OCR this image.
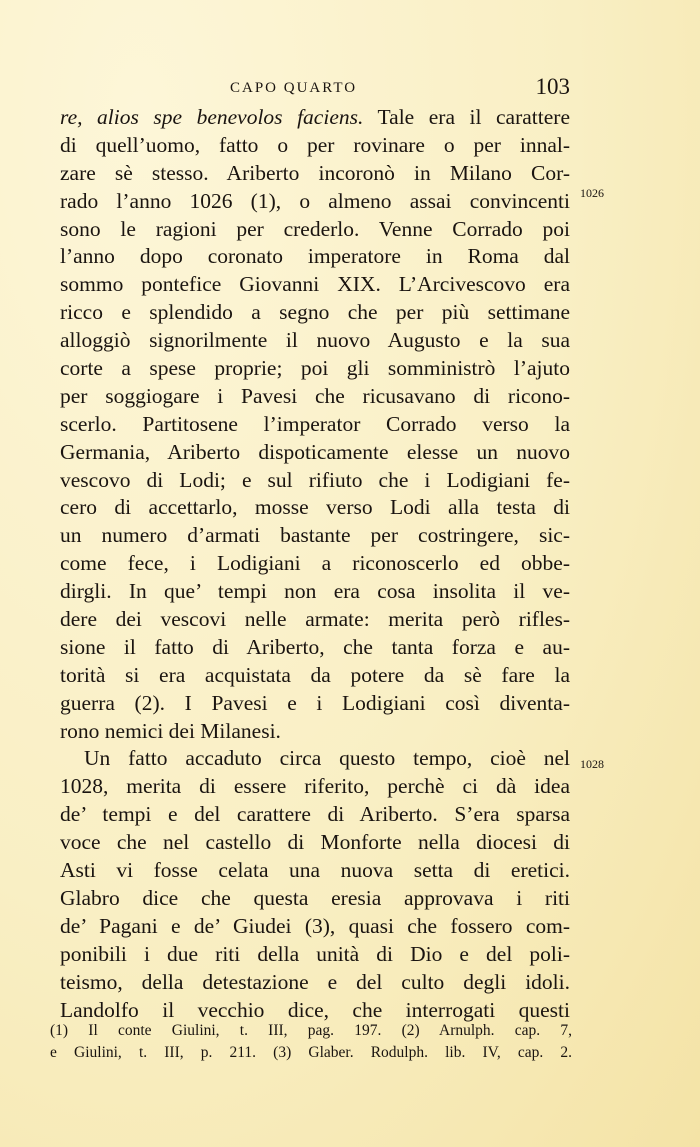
CAPO QUARTO	103
re, alios spe benevolos faciens. Tale era il carattere
di quell’uomo, fatto o per rovinare o per innal-
zare sè stesso. Ariberto incoronò in Milano Cor-
rado l’anno 1026 (1), o almeno assai convincenti
sono le ragioni per crederlo. Venne Corrado poi
l’anno dopo coronato imperatore in Roma dal
sommo pontefice Giovanni XIX. L’Arcivescovo era
ricco e splendido a segno che per più settimane
alloggiò signorilmente il nuovo Augusto e la sua
corte a spese proprie; poi gli somministrò l’ajuto
per soggiogare i Pavesi che ricusavano di ricono-
scerlo. Partitosene l’imperator Corrado verso la
Germania, Ariberto dispoticamente elesse un nuovo
vescovo di Lodi; e sul rifiuto che i Lodigiani fe-
cero di accettarlo, mosse verso Lodi alla testa di
un numero d’armati bastante per costringere, sic-
come fece, i Lodigiani a riconoscerlo ed obbe-
dirgli. In que’ tempi non era cosa insolita il ve-
dere dei vescovi nelle armate: merita però rifles-
sione il fatto di Ariberto, che tanta forza e au-
torità si era acquistata da potere da sè fare la
guerra (2). I Pavesi e i Lodigiani così diventa-
rono nemici dei Milanesi.
Un fatto accaduto circa questo tempo, cioè nel
1028, merita di essere riferito, perchè ci dà idea
de’ tempi e del carattere di Ariberto. S’era sparsa
voce che nel castello di Monforte nella diocesi di
Asti vi fosse celata una nuova setta di eretici.
Glabro dice che questa eresia approvava i riti
de’ Pagani e de’ Giudei (3), quasi che fossero com-
ponibili i due riti della unità di Dio e del poli-
teismo, della detestazione e del culto degli idoli.
Landolfo il vecchio dice, che interrogati questi
1026
1028
(1) Il conte Giulini, t. III, pag. 197. (2) Arnulph. cap. 7,
e Giulini, t. III, p. 211. (3) Glaber. Rodulph. lib. IV, cap. 2.
